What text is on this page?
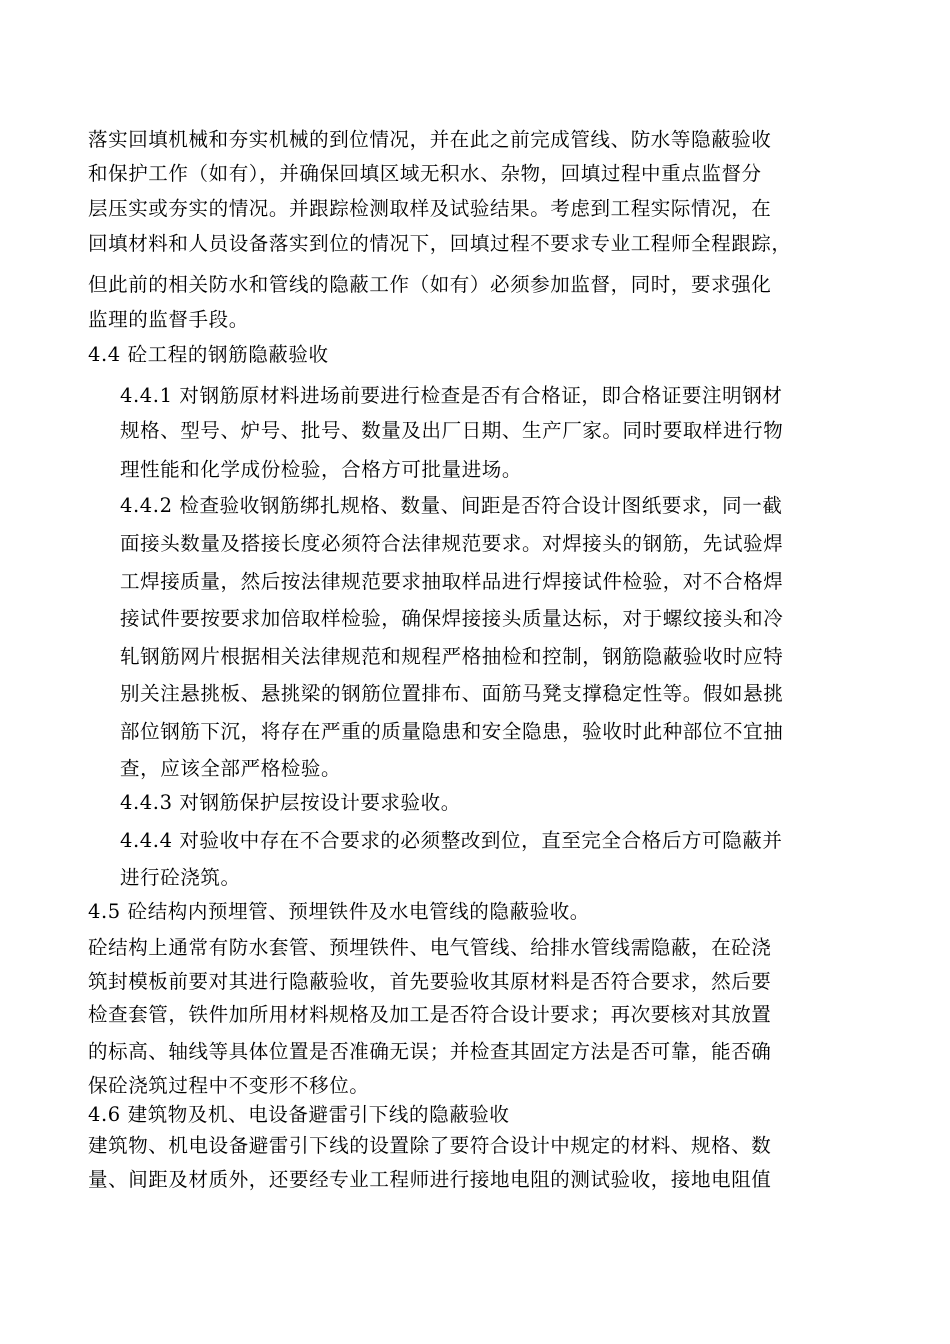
落实回填机械和夯实机械的到位情况，并在此之前完成管线、防水等隐蔽验收
和保护工作（如有），并确保回填区域无积水、杂物，回填过程中重点监督分
层压实或夯实的情况。并跟踪检测取样及试验结果。考虑到工程实际情况，在
回填材料和人员设备落实到位的情况下，回填过程不要求专业工程师全程跟踪，
但此前的相关防水和管线的隐蔽工作（如有）必须参加监督，同时，要求强化
监理的监督手段。
4.4 砼工程的钢筋隐蔽验收
4.4.1 对钢筋原材料进场前要进行检查是否有合格证，即合格证要注明钢材
规格、型号、炉号、批号、数量及出厂日期、生产厂家。同时要取样进行物
理性能和化学成份检验，合格方可批量进场。
4.4.2 检查验收钢筋绑扎规格、数量、间距是否符合设计图纸要求，同一截
面接头数量及搭接长度必须符合法律规范要求。对焊接头的钢筋，先试验焊
工焊接质量，然后按法律规范要求抽取样品进行焊接试件检验，对不合格焊
接试件要按要求加倍取样检验，确保焊接接头质量达标，对于螺纹接头和冷
轧钢筋网片根据相关法律规范和规程严格抽检和控制，钢筋隐蔽验收时应特
别关注悬挑板、悬挑梁的钢筋位置排布、面筋马凳支撑稳定性等。假如悬挑
部位钢筋下沉，将存在严重的质量隐患和安全隐患，验收时此种部位不宜抽
查，应该全部严格检验。
4.4.3 对钢筋保护层按设计要求验收。
4.4.4 对验收中存在不合要求的必须整改到位，直至完全合格后方可隐蔽并
进行砼浇筑。
4.5 砼结构内预埋管、预埋铁件及水电管线的隐蔽验收。
砼结构上通常有防水套管、预埋铁件、电气管线、给排水管线需隐蔽，在砼浇
筑封模板前要对其进行隐蔽验收，首先要验收其原材料是否符合要求，然后要
检查套管，铁件加所用材料规格及加工是否符合设计要求；再次要核对其放置
的标高、轴线等具体位置是否准确无误；并检查其固定方法是否可靠，能否确
保砼浇筑过程中不变形不移位。
4.6 建筑物及机、电设备避雷引下线的隐蔽验收
建筑物、机电设备避雷引下线的设置除了要符合设计中规定的材料、规格、数
量、间距及材质外，还要经专业工程师进行接地电阻的测试验收，接地电阻值
